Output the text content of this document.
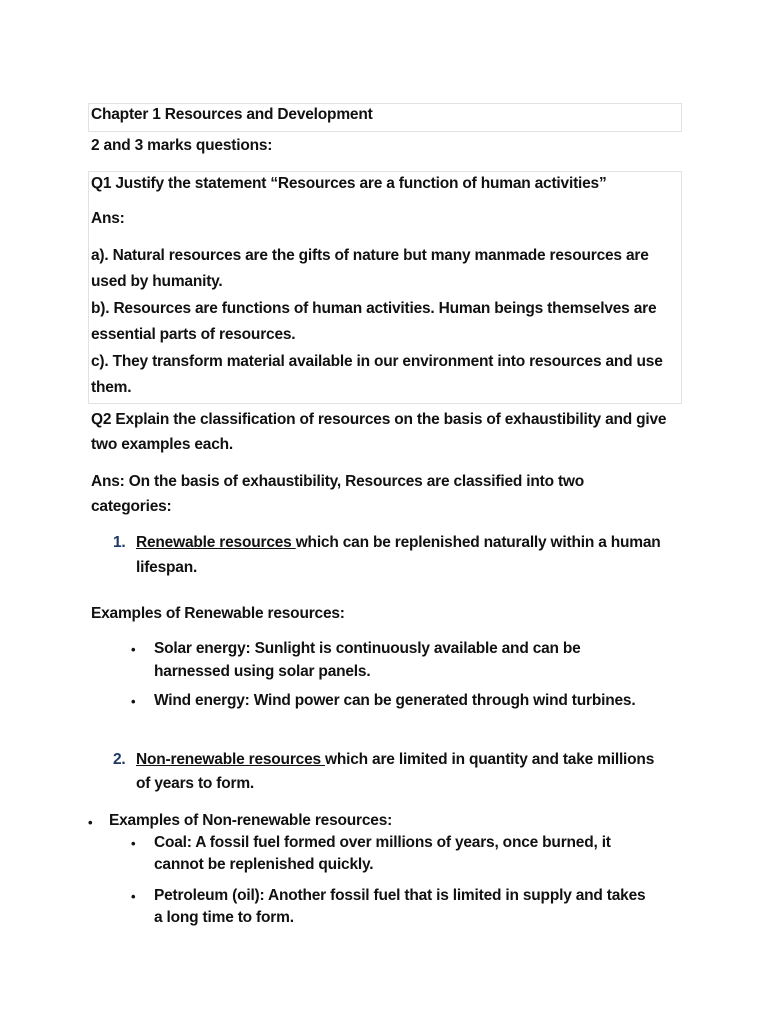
Chapter 1 Resources and Development
2 and 3 marks questions:
Q1 Justify the statement “Resources are a function of human activities”
Ans:
a). Natural resources are the gifts of nature but many manmade resources are
used by humanity.
b). Resources are functions of human activities. Human beings themselves are
essential parts of resources.
c). They transform material available in our environment into resources and use
them.
Q2 Explain the classification of resources on the basis of exhaustibility and give
two examples each.
Ans: On the basis of exhaustibility, Resources are classified into two
categories:
1. Renewable resources which can be replenished naturally within a human
lifespan.
Examples of Renewable resources:
• Solar energy: Sunlight is continuously available and can be
harnessed using solar panels.
• Wind energy: Wind power can be generated through wind turbines.
2. Non-renewable resources which are limited in quantity and take millions
of years to form.
• Examples of Non-renewable resources:
• Coal: A fossil fuel formed over millions of years, once burned, it
cannot be replenished quickly.
• Petroleum (oil): Another fossil fuel that is limited in supply and takes
a long time to form.
